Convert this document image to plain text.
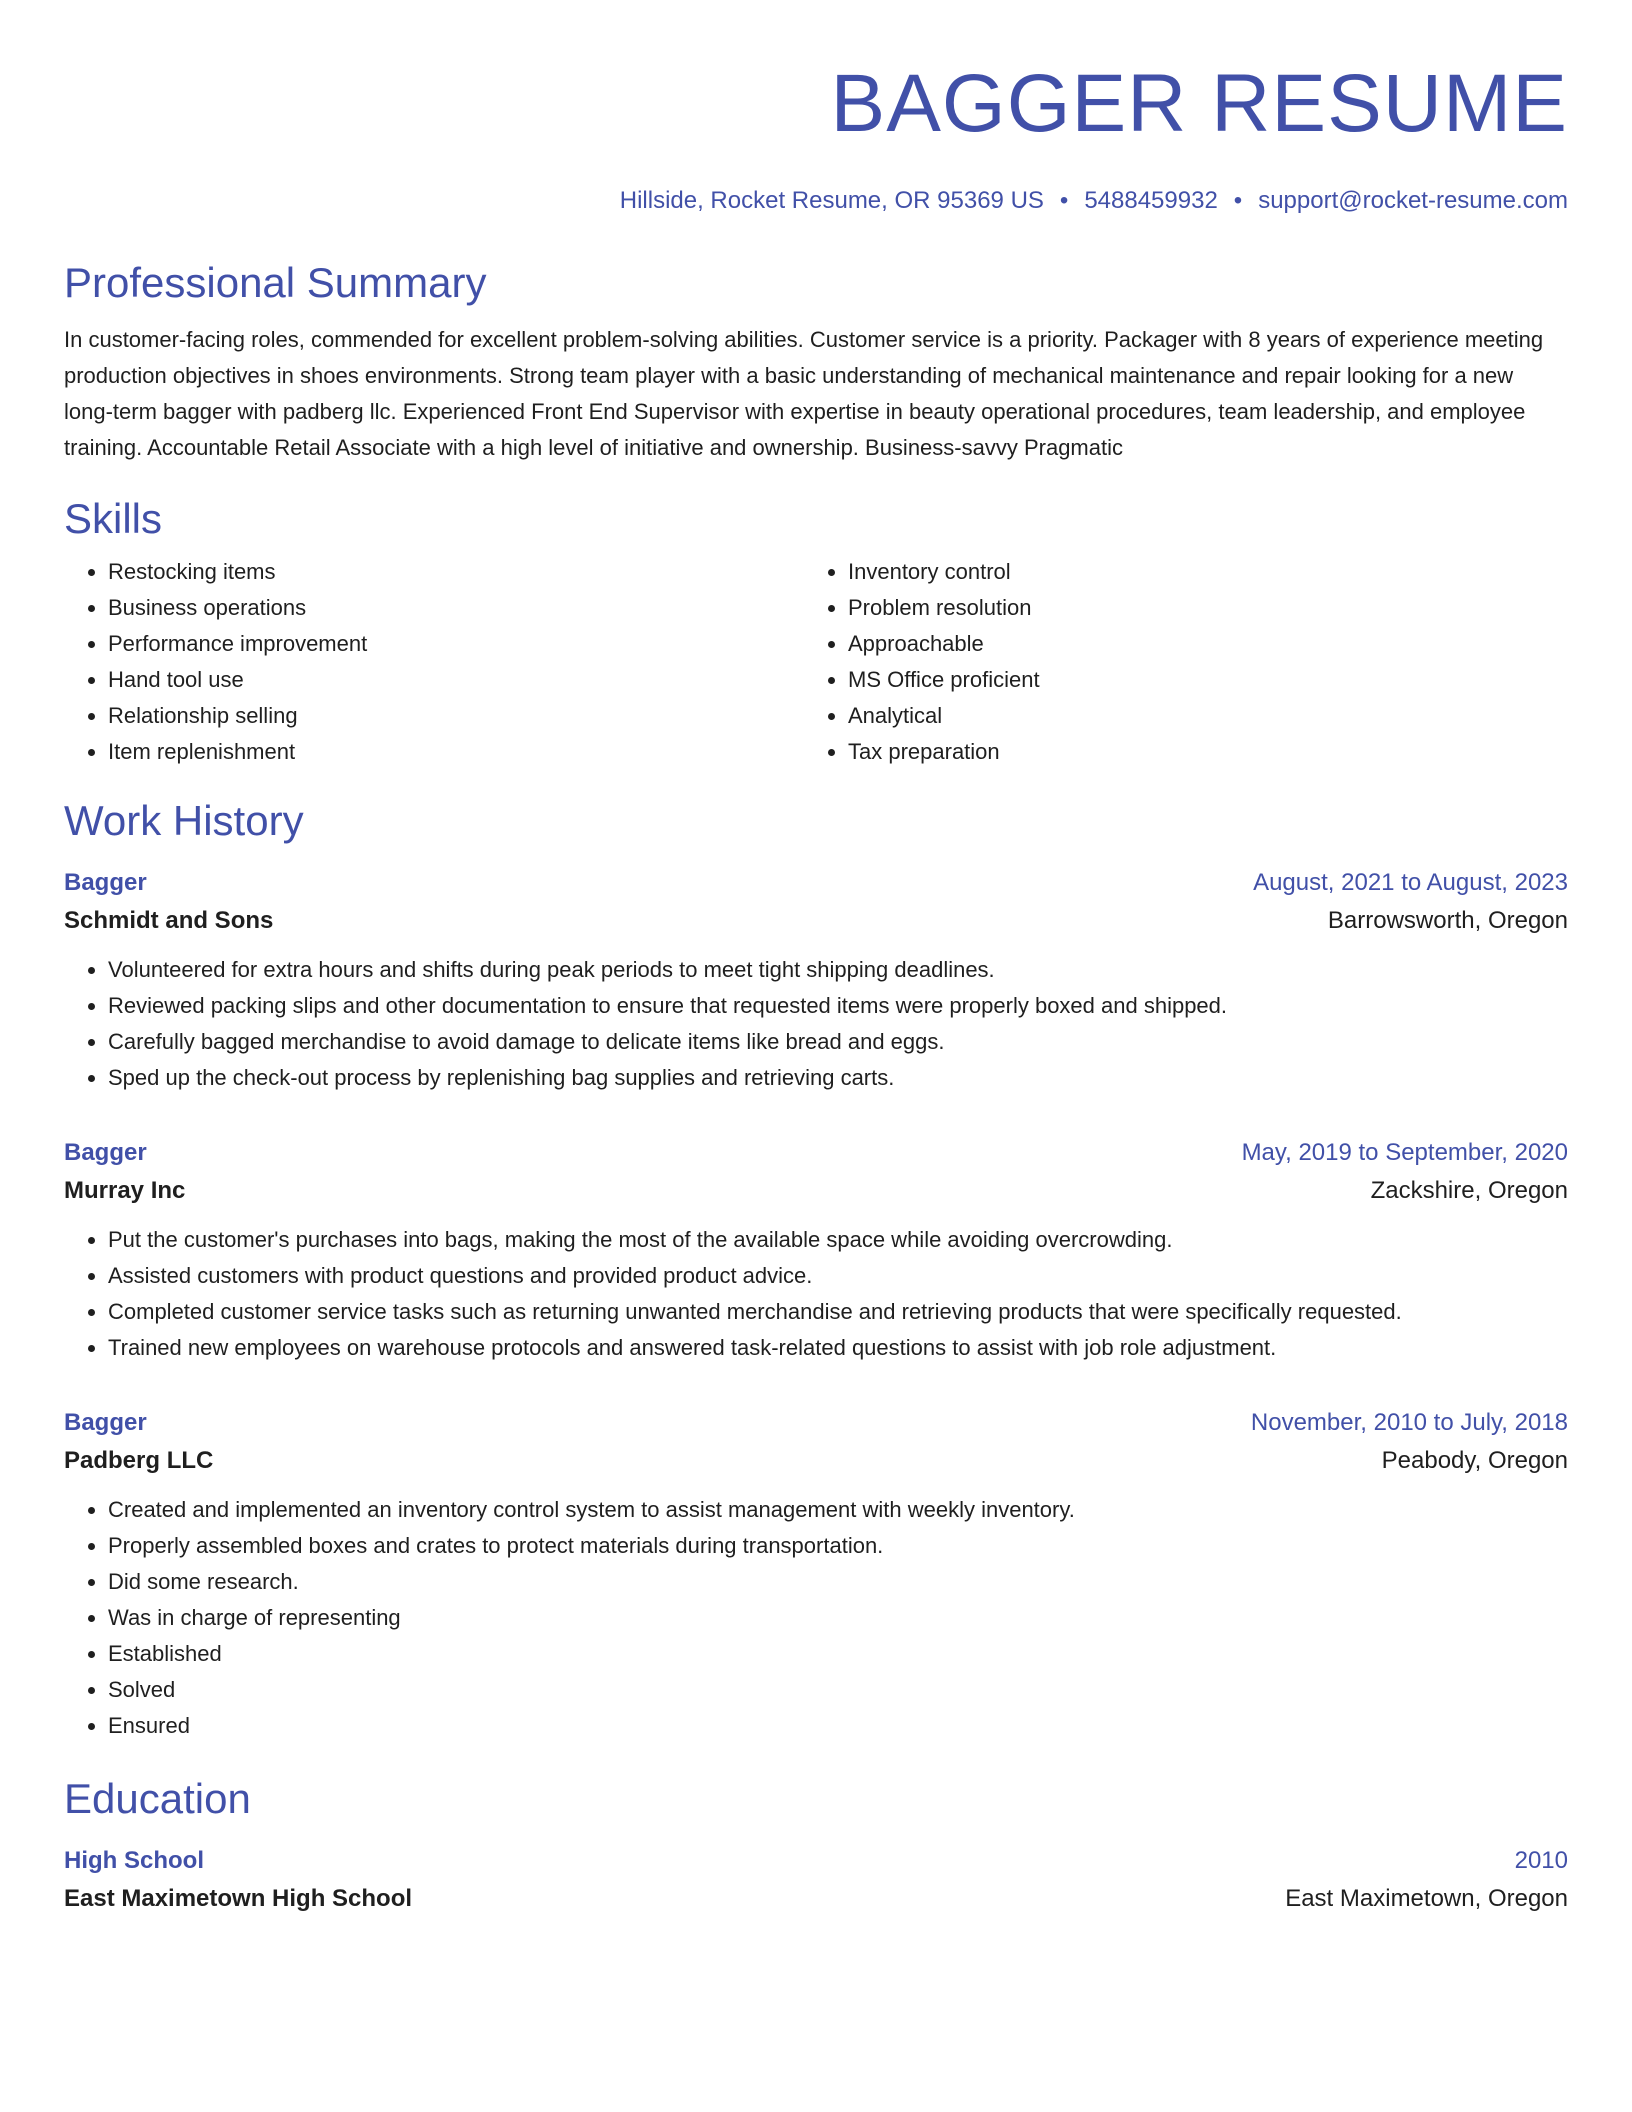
BAGGER RESUME
Hillside, Rocket Resume, OR 95369 US • 5488459932 • support@rocket-resume.com
Professional Summary

In customer-facing roles, commended for excellent problem-solving abilities. Customer service is a priority. Packager with 8 years of experience meeting production objectives in shoes environments. Strong team player with a basic understanding of mechanical maintenance and repair looking for a new long-term bagger with padberg llc. Experienced Front End Supervisor with expertise in beauty operational procedures, team leadership, and employee training. Accountable Retail Associate with a high level of initiative and ownership. Business-savvy Pragmatic

Skills
• Restocking items
• Business operations
• Performance improvement
• Hand tool use
• Relationship selling
• Item replenishment
• Inventory control
• Problem resolution
• Approachable
• MS Office proficient
• Analytical
• Tax preparation
Work History
Bagger	August, 2021 to August, 2023
Schmidt and Sons	Barrowsworth, Oregon
• Volunteered for extra hours and shifts during peak periods to meet tight shipping deadlines.
• Reviewed packing slips and other documentation to ensure that requested items were properly boxed and shipped.
• Carefully bagged merchandise to avoid damage to delicate items like bread and eggs.
• Sped up the check-out process by replenishing bag supplies and retrieving carts.
Bagger	May, 2019 to September, 2020
Murray Inc	Zackshire, Oregon
• Put the customer's purchases into bags, making the most of the available space while avoiding overcrowding.
• Assisted customers with product questions and provided product advice.
• Completed customer service tasks such as returning unwanted merchandise and retrieving products that were specifically requested.
• Trained new employees on warehouse protocols and answered task-related questions to assist with job role adjustment.
Bagger	November, 2010 to July, 2018
Padberg LLC	Peabody, Oregon
• Created and implemented an inventory control system to assist management with weekly inventory.
• Properly assembled boxes and crates to protect materials during transportation.
• Did some research.
• Was in charge of representing
• Established
• Solved
• Ensured
Education
High School	2010
East Maximetown High School	East Maximetown, Oregon
